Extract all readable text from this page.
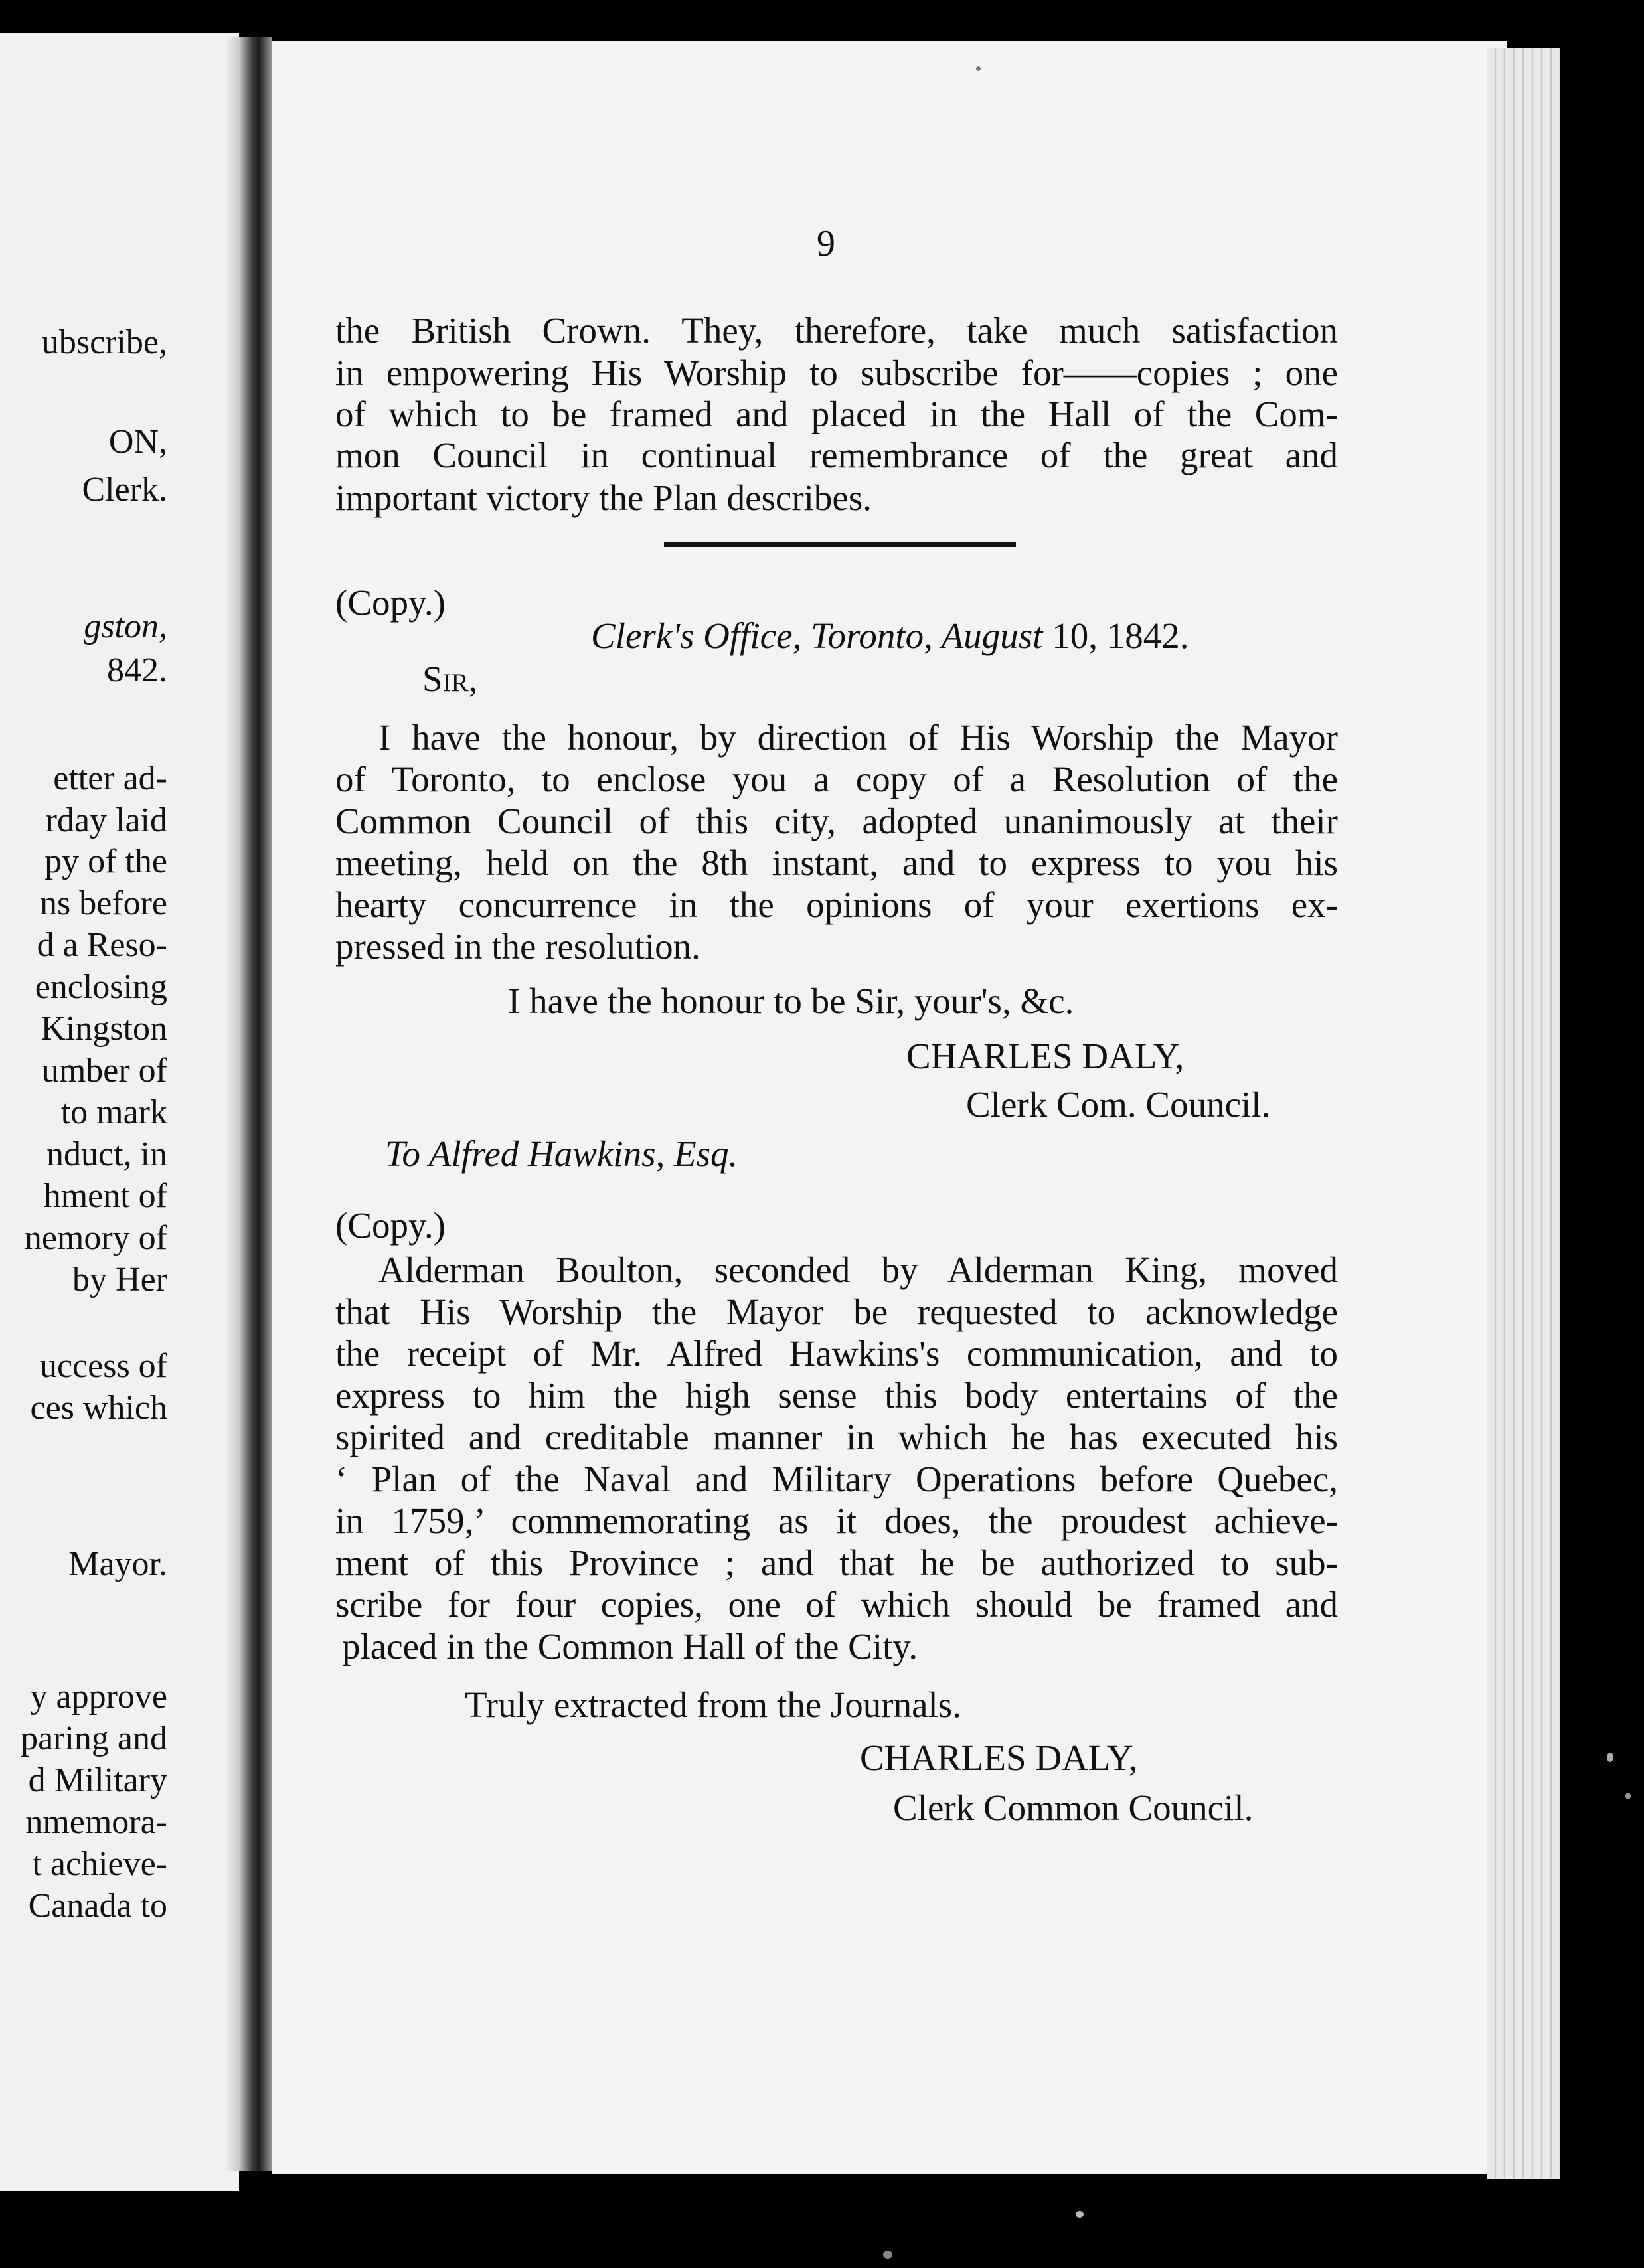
ubscribe,
ON,
Clerk.
gston,
842.
etter ad-
rday laid
py of the
ns before
d a Reso-
enclosing
Kingston
umber of
to mark
nduct, in
hment of
nemory of
by Her
uccess of
ces which
Mayor.
y approve
paring and
d Military
nmemora-
t achieve-
Canada to
9
the British Crown. They, therefore, take much satisfaction
in empowering His Worship to subscribe for——copies ; one
of which to be framed and placed in the Hall of the Com-
mon Council in continual remembrance of the great and
important victory the Plan describes.
(Copy.)
Clerk's Office, Toronto, August 10, 1842.
Sir,
I have the honour, by direction of His Worship the Mayor
of Toronto, to enclose you a copy of a Resolution of the
Common Council of this city, adopted unanimously at their
meeting, held on the 8th instant, and to express to you his
hearty concurrence in the opinions of your exertions ex-
pressed in the resolution.
I have the honour to be Sir, your's, &c.
CHARLES DALY,
Clerk Com. Council.
To Alfred Hawkins, Esq.
(Copy.)
Alderman Boulton, seconded by Alderman King, moved
that His Worship the Mayor be requested to acknowledge
the receipt of Mr. Alfred Hawkins's communication, and to
express to him the high sense this body entertains of the
spirited and creditable manner in which he has executed his
‘ Plan of the Naval and Military Operations before Quebec,
in 1759,’ commemorating as it does, the proudest achieve-
ment of this Province ; and that he be authorized to sub-
scribe for four copies, one of which should be framed and
placed in the Common Hall of the City.
Truly extracted from the Journals.
CHARLES DALY,
Clerk Common Council.
